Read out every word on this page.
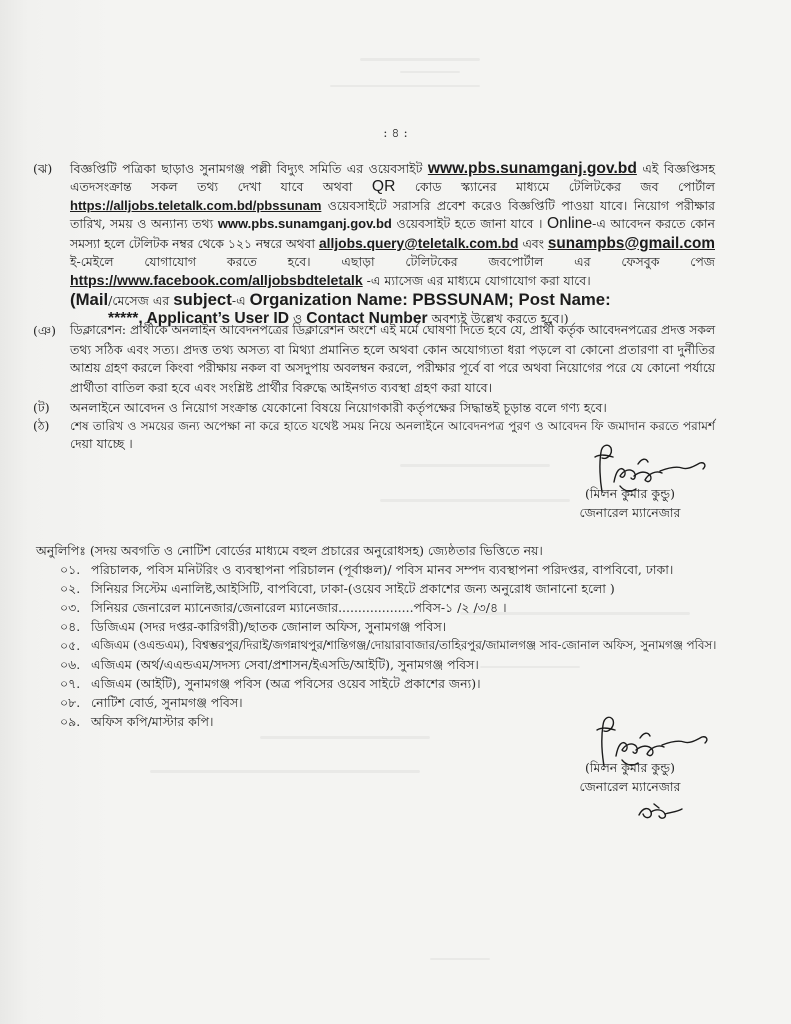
: ৪ :
(ঝ)	বিজ্ঞপ্তিটি পত্রিকা ছাড়াও সুনামগঞ্জ পল্লী বিদ্যুৎ সমিতি এর ওয়েবসাইট www.pbs.sunamganj.gov.bd এই বিজ্ঞপ্তিসহ
এতদসংক্রান্ত সকল তথ্য দেখা যাবে অথবা QR কোড স্ক্যানের মাধ্যমে টেলিটকের জব পোর্টাল
https://alljobs.teletalk.com.bd/pbssunam ওয়েবসাইটে সরাসরি প্রবেশ করেও বিজ্ঞপ্তিটি পাওয়া যাবে। নিয়োগ পরীক্ষার
তারিখ, সময় ও অন্যান্য তথ্য www.pbs.sunamganj.gov.bd ওয়েবসাইট হতে জানা যাবে । Online-এ আবেদন করতে কোন
সমস্যা হলে টেলিটক নম্বর থেকে ১২১ নম্বরে অথবা alljobs.query@teletalk.com.bd এবং sunampbs@gmail.com
ই-মেইলে যোগাযোগ করতে হবে। এছাড়া টেলিটকের জবপোর্টাল এর ফেসবুক পেজ
https://www.facebook.com/alljobsbdteletalk -এ ম্যাসেজ এর মাধ্যমে যোগাযোগ করা যাবে।
(Mail/মেসেজ এর subject-এ Organization Name: PBSSUNAM; Post Name:
*****, Applicant’s User ID ও Contact Number অবশ্যই উল্লেখ করতে হবে।)
(ঞ)	ডিক্লারেশন: প্রার্থীকে অনলাইন আবেদনপত্রের ডিক্লারেশন অংশে এই মর্মে ঘোষণা দিতে হবে যে, প্রার্থী কর্তৃক আবেদনপত্রের প্রদত্ত সকল
তথ্য সঠিক এবং সত্য। প্রদত্ত তথ্য অসত্য বা মিথ্যা প্রমানিত হলে অথবা কোন অযোগ্যতা ধরা পড়লে বা কোনো প্রতারণা বা দুর্নীতির
আশ্রয় গ্রহণ করলে কিংবা পরীক্ষায় নকল বা অসদুপায় অবলম্বন করলে, পরীক্ষার পূর্বে বা পরে অথবা নিয়োগের পরে যে কোনো পর্যায়ে
প্রার্থীতা বাতিল করা হবে এবং সংশ্লিষ্ট প্রার্থীর বিরুদ্ধে আইনগত ব্যবস্থা গ্রহণ করা যাবে।
(ট)	অনলাইনে আবেদন ও নিয়োগ সংক্রান্ত যেকোনো বিষয়ে নিয়োগকারী কর্তৃপক্ষের সিদ্ধান্তই চূড়ান্ত বলে গণ্য হবে।
(ঠ)	শেষ তারিখ ও সময়ের জন্য অপেক্ষা না করে হাতে যথেষ্ট সময় নিয়ে অনলাইনে আবেদনপত্র পুরণ ও আবেদন ফি জমাদান করতে পরামর্শ
দেয়া যাচ্ছে ।
(মিলন কুমার কুন্ডু)
জেনারেল ম্যানেজার
অনুলিপিঃ (সদয় অবগতি ও নোটিশ বোর্ডের মাধ্যমে বহুল প্রচারের অনুরোধসহ) জ্যেষ্ঠতার ভিত্তিতে নয়।
০১. পরিচালক, পবিস মনিটরিং ও ব্যবস্থাপনা পরিচালন (পূর্বাঞ্চল)/ পবিস মানব সম্পদ ব্যবস্থাপনা পরিদপ্তর, বাপবিবো, ঢাকা।
০২. সিনিয়র সিস্টেম এনালিষ্ট,আইসিটি, বাপবিবো, ঢাকা-(ওয়েব সাইটে প্রকাশের জন্য অনুরোধ জানানো হলো )
০৩. সিনিয়র জেনারেল ম্যানেজার/জেনারেল ম্যানেজার...................পবিস-১ /২ /৩/৪ ।
০৪. ডিজিএম (সদর দপ্তর-কারিগরী)/ছাতক জোনাল অফিস, সুনামগঞ্জ পবিস।
০৫. এজিএম (ওএন্ডএম), বিশ্বম্ভরপুর/দিরাই/জগন্নাথপুর/শান্তিগঞ্জ/দোয়ারাবাজার/তাহিরপুর/জামালগঞ্জ সাব-জোনাল অফিস, সুনামগঞ্জ পবিস।
০৬. এজিএম (অর্থ/এএন্ডএম/সদস্য সেবা/প্রশাসন/ইএসডি/আইটি), সুনামগঞ্জ পবিস।
০৭. এজিএম (আইটি), সুনামগঞ্জ পবিস (অত্র পবিসের ওয়েব সাইটে প্রকাশের জন্য)।
০৮. নোটিশ বোর্ড, সুনামগঞ্জ পবিস।
০৯. অফিস কপি/মাস্টার কপি।
(মিলন কুমার কুন্ডু)
জেনারেল ম্যানেজার
